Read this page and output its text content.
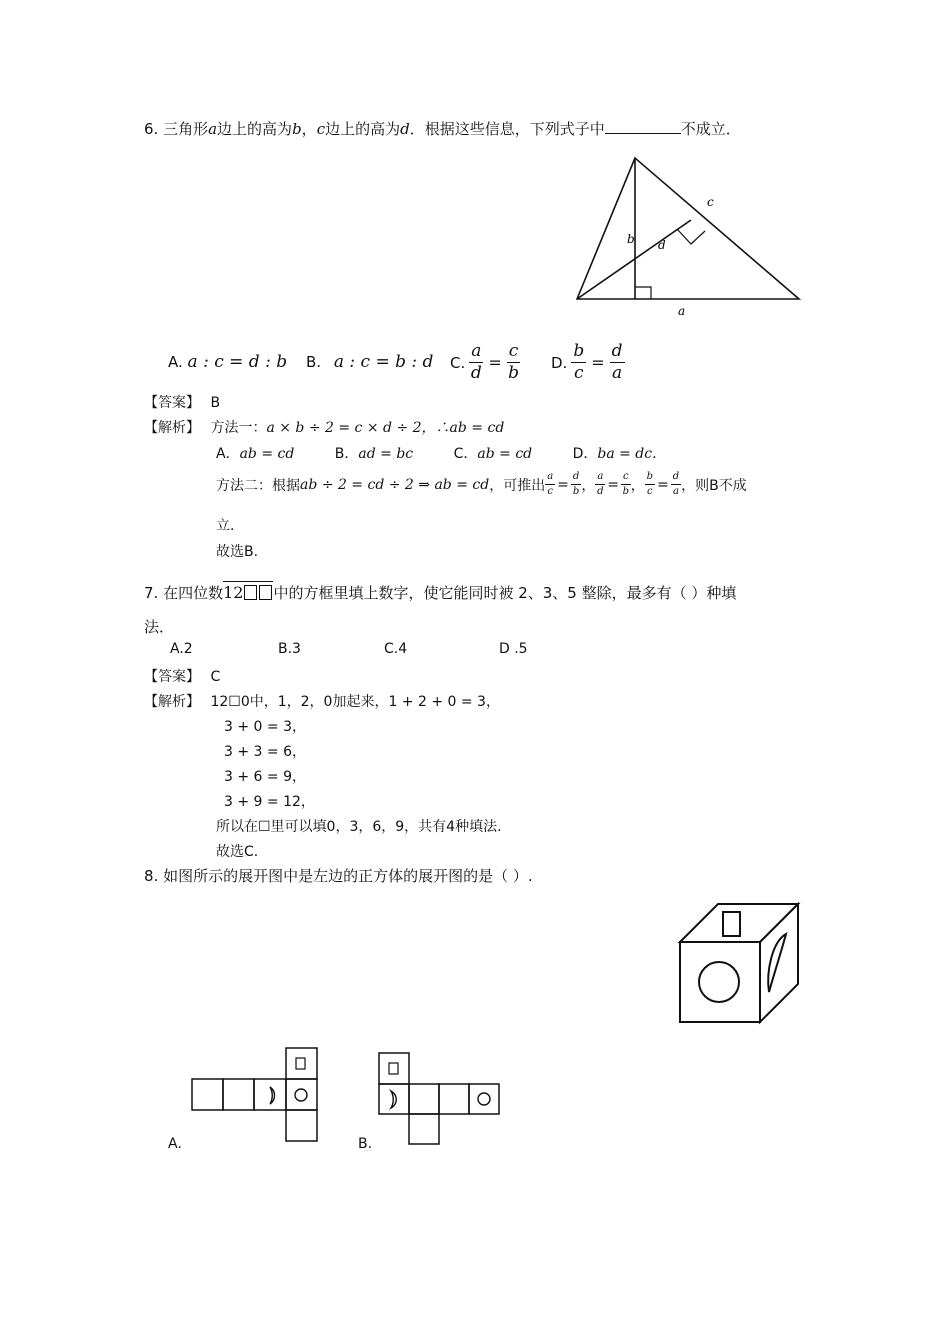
6. 三角形a边上的高为b，c边上的高为d．根据这些信息，下列式子中	不成立．
b d
c
a
A. a : c = d : b B. a : c = b : d C. $\frac{a}{d} = \frac{c}{b} D$. $\frac{b}{c} = \frac{d}{a}$
【答案】 B
【解析】 方法一：a × b ÷ 2 = c × d ÷ 2，∴ab = cd
A．ab = cd	B．ad = bc	C．ab = cd	D．ba = dc.
方法二：根据 ab ÷ 2 = cd ÷ 2 ⇒ ab = cd ，可推出 $\frac{a}{c} = \frac{d}{b}$ ， $\frac{a}{d} = \frac{c}{b}$ ， $\frac{b}{c} = \frac{d}{a}$ ，则B不成
立.
故选B.
7. 在四位数12 中的方框里填上数字，使它能同时被 2、3、5 整除，最多有（ ）种填
法．
A.2	B.3	C.4	D .5
【答案】 C
【解析】 12☐0中，1，2，0加起来，1 + 2 + 0 = 3，
3 + 0 = 3，
3 + 3 = 6，
3 + 6 = 9，
3 + 9 = 12，
所以在☐里可以填0，3，6，9，共有4种填法.
故选C.
8. 如图所示的展开图中是左边的正方体的展开图的是（ ）.
A.	B.
